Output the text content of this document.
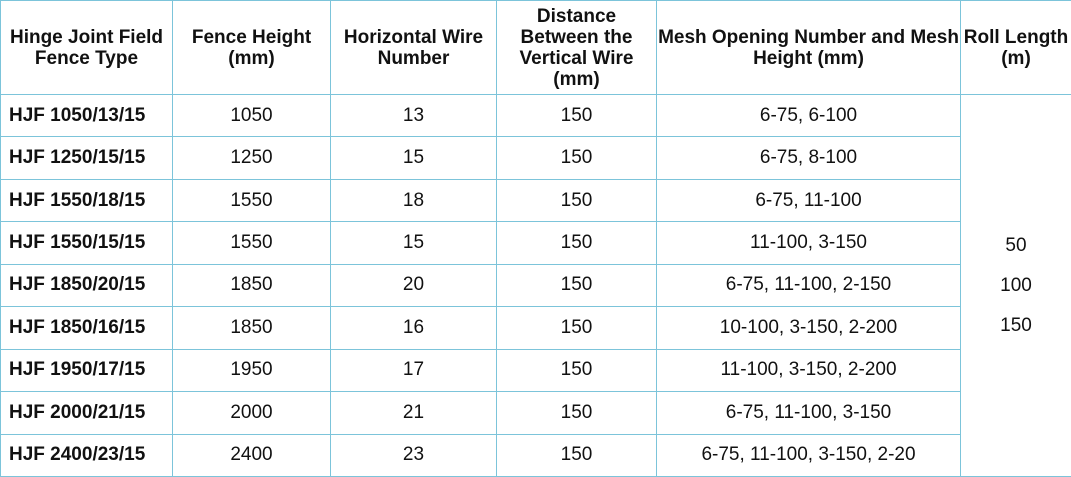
Hinge Joint Field Fence Type	Fence Height (mm)	Horizontal Wire Number	Distance Between the Vertical Wire (mm)	Mesh Opening Number and Mesh Height (mm)	Roll Length (m)
HJF 1050/13/15	1050	13	150	6-75, 6-100	50
100
150

HJF 1250/15/15	1250	15	150	6-75, 8-100	
HJF 1550/18/15	1550	18	150	6-75, 11-100	
HJF 1550/15/15	1550	15	150	11-100, 3-150	
HJF 1850/20/15	1850	20	150	6-75, 11-100, 2-150	
HJF 1850/16/15	1850	16	150	10-100, 3-150, 2-200	
HJF 1950/17/15	1950	17	150	11-100, 3-150, 2-200	
HJF 2000/21/15	2000	21	150	6-75, 11-100, 3-150	
HJF 2400/23/15	2400	23	150	6-75, 11-100, 3-150, 2-20	
